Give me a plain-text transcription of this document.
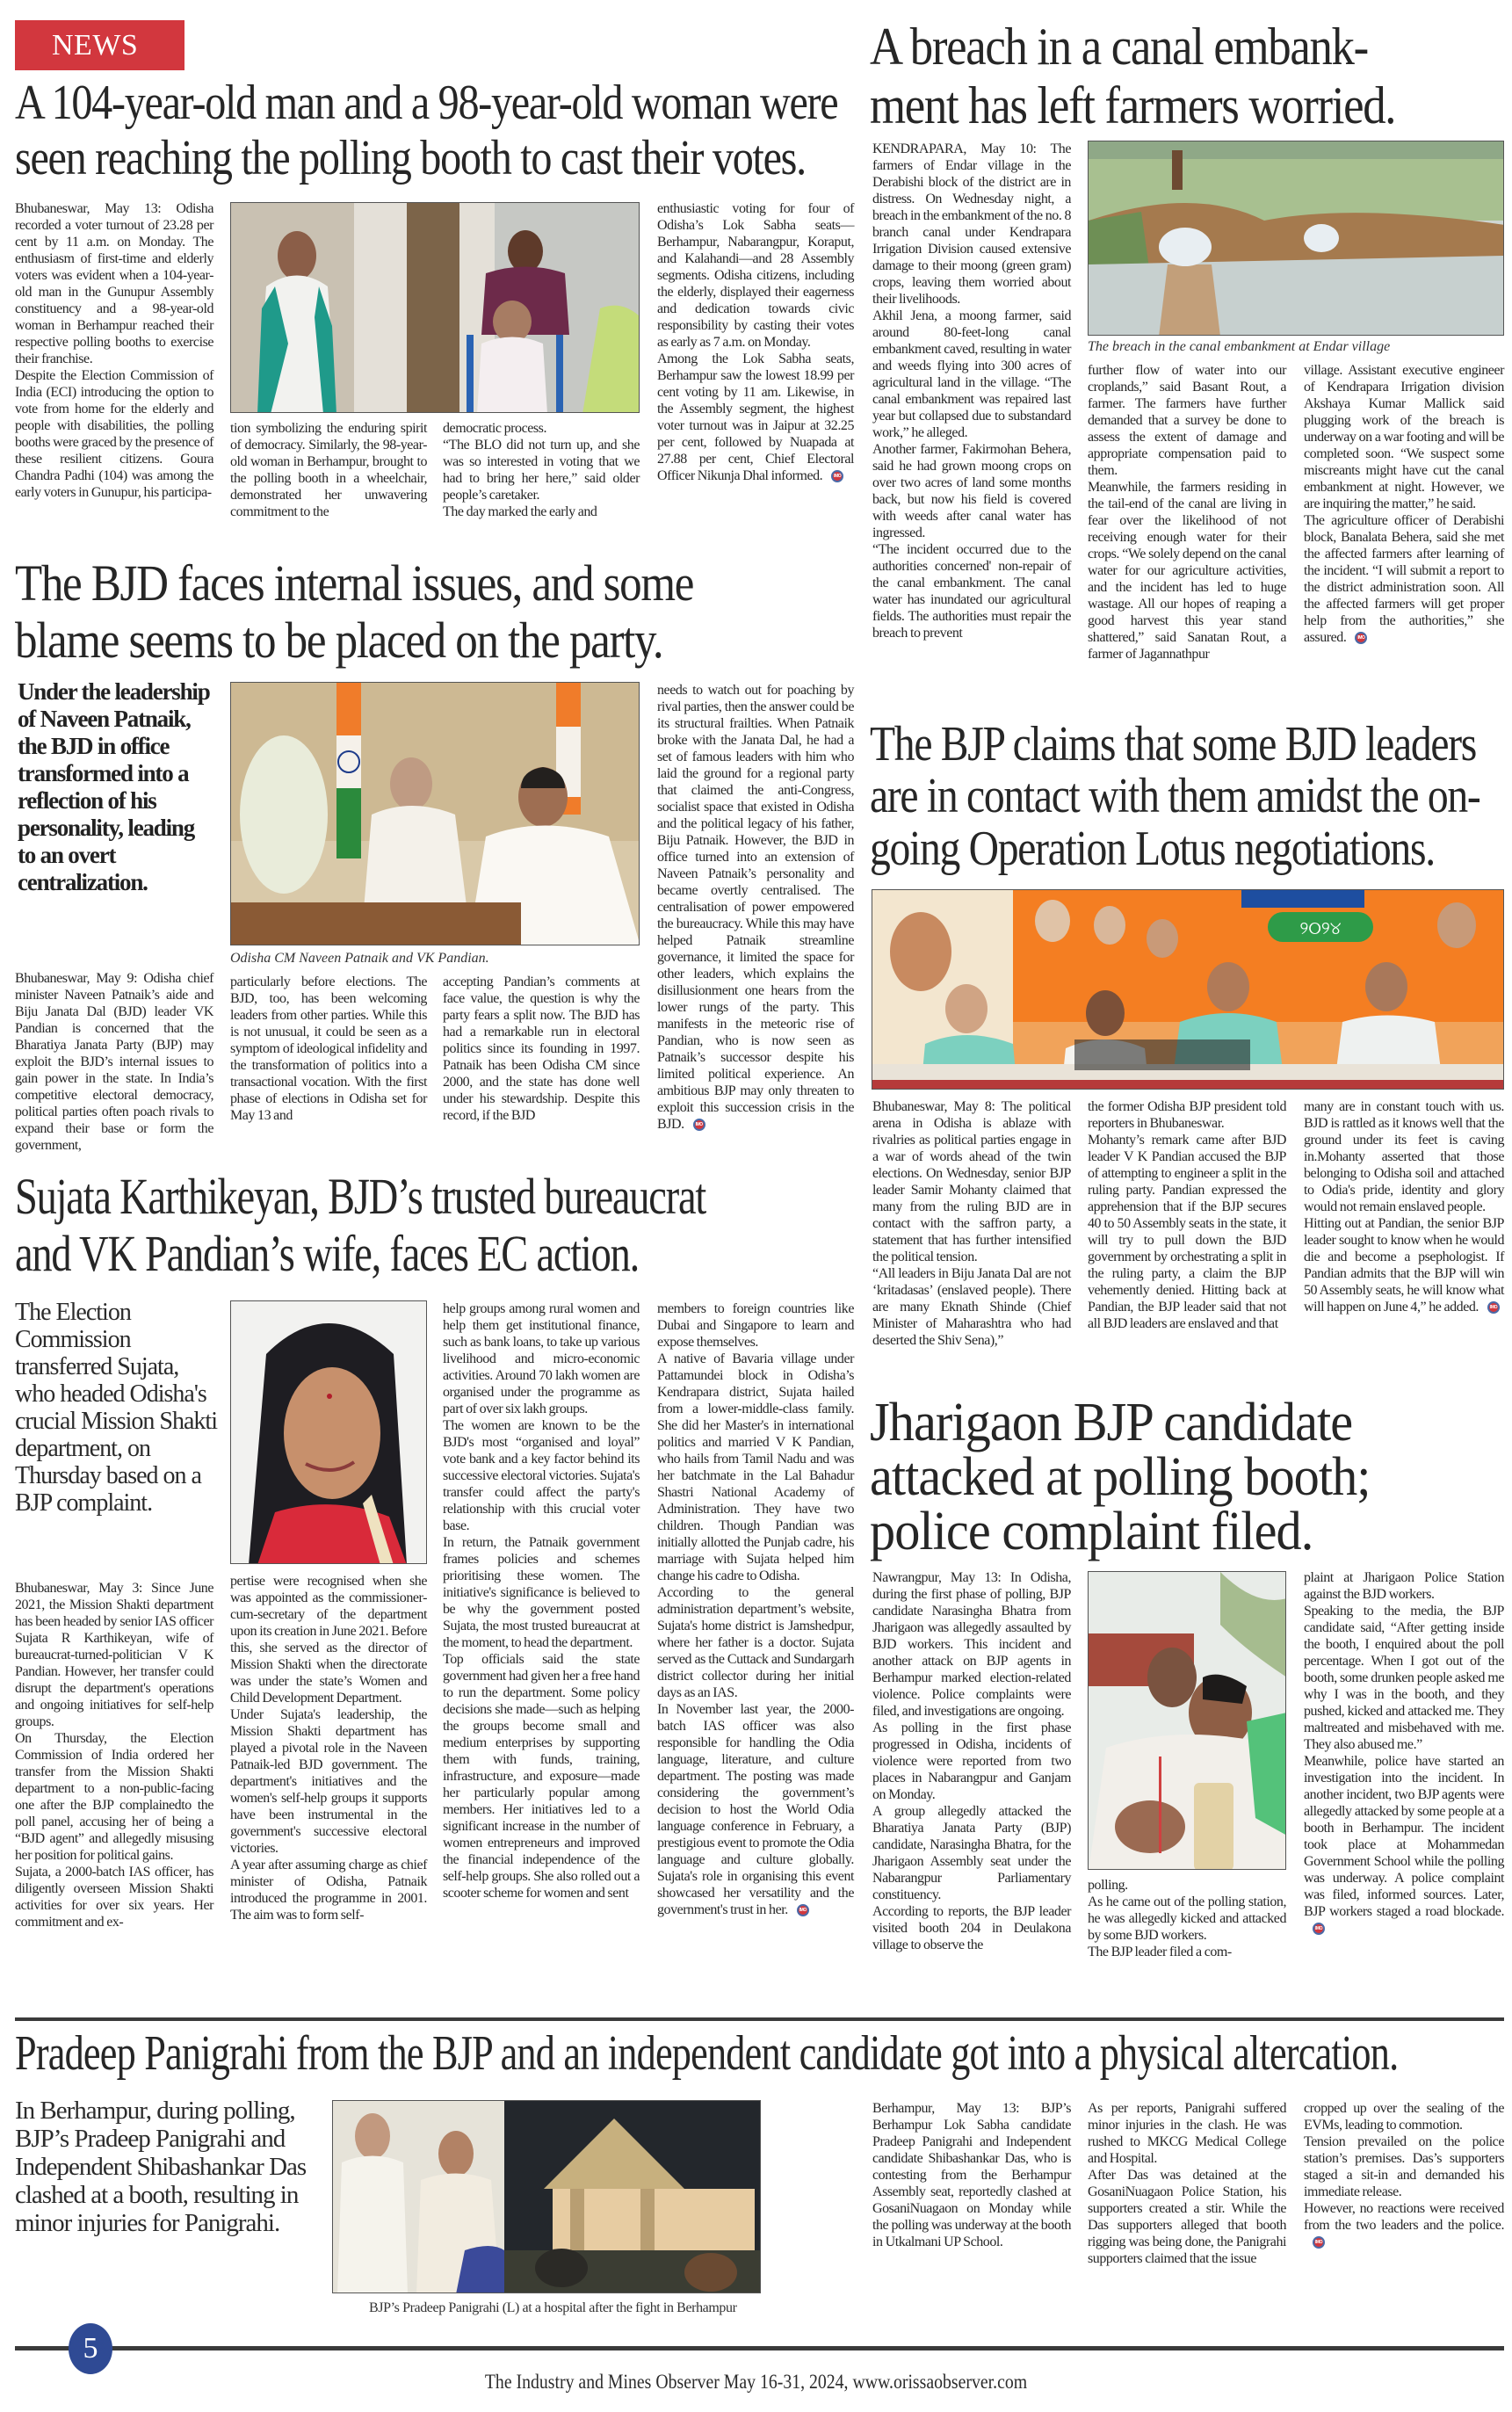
NEWS
A 104-year-old man and a 98-year-old woman were
seen reaching the polling booth to cast their votes.

Bhubaneswar, May 13: Odisha recorded a voter turnout of 23.28 per cent by 11 a.m. on Monday. The enthusiasm of first-time and elderly voters was evident when a 104-year-old man in the Gunupur Assembly constituency and a 98-year-old woman in Berhampur reached their respective polling booths to exercise their franchise.

Despite the Election Commission of India (ECI) introducing the option to vote from home for the elderly and people with disabilities, the polling booths were graced by the presence of these resilient citizens. Goura Chandra Padhi (104) was among the early voters in Gunupur, his participa-

tion symbolizing the enduring spirit of democracy. Similarly, the 98-year-old woman in Berhampur, brought to the polling booth in a wheelchair, demonstrated her unwavering commitment to the

democratic process.

“The BLO did not turn up, and she was so interested in voting that we had to bring her here,” said older people’s caretaker.

The day marked the early and

enthusiastic voting for four of Odisha’s Lok Sabha seats—Berhampur, Nabarangpur, Koraput, and Kalahandi—and 28 Assembly segments. Odisha citizens, including the elderly, displayed their eagerness and dedication towards civic responsibility by casting their votes as early as 7 a.m. on Monday.

Among the Lok Sabha seats, Berhampur saw the lowest 18.99 per cent voting by 11 am. Likewise, in the Assembly segment, the highest voter turnout was in Jaipur at 32.25 per cent, followed by Nuapada at 27.88 per cent, Chief Electoral Officer Nikunja Dhal informed.	IMO

A breach in a canal embank-
ment has left farmers worried.

KENDRAPARA, May 10: The farmers of Endar village in the Derabishi block of the district are in distress. On Wednesday night, a breach in the embankment of the no. 8 branch canal under Kendrapara Irrigation Division caused extensive damage to their moong (green gram) crops, leaving them worried about their livelihoods.

Akhil Jena, a moong farmer, said around 80-feet-long canal embankment caved, resulting in water and weeds flying into 300 acres of agricultural land in the village. “The canal embankment was repaired last year but collapsed due to substandard work,” he alleged.

Another farmer, Fakirmohan Behera, said he had grown moong crops on over two acres of land some months back, but now his field is covered with weeds after canal water has ingressed.

“The incident occurred due to the authorities concerned' non-repair of the canal embankment. The canal water has inundated our agricultural fields. The authorities must repair the breach to prevent

The breach in the canal embankment at Endar village

further flow of water into our croplands,” said Basant Rout, a farmer. The farmers have further demanded that a survey be done to assess the extent of damage and appropriate compensation paid to them.

Meanwhile, the farmers residing in the tail-end of the canal are living in fear over the likelihood of not receiving enough water for their crops. “We solely depend on the canal water for our agriculture activities, and the incident has led to huge wastage. All our hopes of reaping a good harvest this year stand shattered,” said Sanatan Rout, a farmer of Jagannathpur

village. Assistant executive engineer of Kendrapara Irrigation division Akshaya Kumar Mallick said plugging work of the breach is underway on a war footing and will be completed soon. “We suspect some miscreants might have cut the canal embankment at night. However, we are inquiring the matter,” he said.

The agriculture officer of Derabishi block, Banalata Behera, said she met the affected farmers after learning of the incident. “I will submit a report to the district administration soon. All the affected farmers will get proper help from the authorities,” she assured.	IMO

The BJD faces internal issues, and some
blame seems to be placed on the party.
Under the leadership of Naveen Patnaik, the BJD in office transformed into a reflection of his personality, leading to an overt centralization.
Odisha CM Naveen Patnaik and VK Pandian.

Bhubaneswar, May 9: Odisha chief minister Naveen Patnaik’s aide and Biju Janata Dal (BJD) leader VK Pandian is concerned that the Bharatiya Janata Party (BJP) may exploit the BJD’s internal issues to gain power in the state. In India’s competitive electoral democracy, political parties often poach rivals to expand their base or form the government,

particularly before elections. The BJD, too, has been welcoming leaders from other parties. While this is not unusual, it could be seen as a symptom of ideological infidelity and the transformation of politics into a transactional vocation. With the first phase of elections in Odisha set for May 13 and

accepting Pandian’s comments at face value, the question is why the party fears a split now. The BJD has had a remarkable run in electoral politics since its founding in 1997. Patnaik has been Odisha CM since 2000, and the state has done well under his stewardship. Despite this record, if the BJD

needs to watch out for poaching by rival parties, then the answer could be its structural frailties. When Patnaik broke with the Janata Dal, he had a set of famous leaders with him who laid the ground for a regional party that claimed the anti-Congress, socialist space that existed in Odisha and the political legacy of his father, Biju Patnaik. However, the BJD in office turned into an extension of Naveen Patnaik’s personality and became overtly centralised. The centralisation of power empowered the bureaucracy. While this may have helped Patnaik streamline governance, it limited the space for other leaders, which explains the disillusionment one hears from the lower rungs of the party. This manifests in the meteoric rise of Pandian, who is now seen as Patnaik’s successor despite his limited political experience. An ambitious BJP may only threaten to exploit this succession crisis in the BJD.	IMO

The BJP claims that some BJD leaders
are in contact with them amidst the on-
going Operation Lotus negotiations.
୨୦୨୪

Bhubaneswar, May 8: The political arena in Odisha is ablaze with rivalries as political parties engage in a war of words ahead of the twin elections. On Wednesday, senior BJP leader Samir Mohanty claimed that many from the ruling BJD are in contact with the saffron party, a statement that has further intensified the political tension.

“All leaders in Biju Janata Dal are not ‘kritadasas’ (enslaved people). There are many Eknath Shinde (Chief Minister of Maharashtra who had deserted the Shiv Sena),”

the former Odisha BJP president told reporters in Bhubaneswar.

Mohanty’s remark came after BJD leader V K Pandian accused the BJP of attempting to engineer a split in the ruling party. Pandian expressed the apprehension that if the BJP secures 40 to 50 Assembly seats in the state, it will try to pull down the BJD government by orchestrating a split in the ruling party, a claim the BJP vehemently denied. Hitting back at Pandian, the BJP leader said that not all BJD leaders are enslaved and that

many are in constant touch with us. BJD is rattled as it knows well that the ground under its feet is caving in.Mohanty asserted that those belonging to Odisha soil and attached to Odia's pride, identity and glory would not remain enslaved people.

Hitting out at Pandian, the senior BJP leader sought to know when he would die and become a psephologist. If Pandian admits that the BJP will win 50 Assembly seats, he will know what will happen on June 4,” he added.	IMO

Sujata Karthikeyan, BJD’s trusted bureaucrat
and VK Pandian’s wife, faces EC action.
The Election Commission transferred Sujata, who headed Odisha's crucial Mission Shakti department, on Thursday based on a BJP complaint.

Bhubaneswar, May 3: Since June 2021, the Mission Shakti department has been headed by senior IAS officer Sujata R Karthikeyan, wife of bureaucrat-turned-politician V K Pandian. However, her transfer could disrupt the department's operations and ongoing initiatives for self-help groups.

On Thursday, the Election Commission of India ordered her transfer from the Mission Shakti department to a non-public-facing one after the BJP complainedto the poll panel, accusing her of being a “BJD agent” and allegedly misusing her position for political gains.

Sujata, a 2000-batch IAS officer, has diligently overseen Mission Shakti activities for over six years. Her commitment and ex-

pertise were recognised when she was appointed as the commissioner-cum-secretary of the department upon its creation in June 2021. Before this, she served as the director of Mission Shakti when the directorate was under the state’s Women and Child Development Department.

Under Sujata's leadership, the Mission Shakti department has played a pivotal role in the Naveen Patnaik-led BJD government. The department's initiatives and the women's self-help groups it supports have been instrumental in the government's successive electoral victories.

A year after assuming charge as chief minister of Odisha, Patnaik introduced the programme in 2001. The aim was to form self-

help groups among rural women and help them get institutional finance, such as bank loans, to take up various livelihood and micro-economic activities. Around 70 lakh women are organised under the programme as part of over six lakh groups.

The women are known to be the BJD's most “organised and loyal” vote bank and a key factor behind its successive electoral victories. Sujata's transfer could affect the party's relationship with this crucial voter base.

In return, the Patnaik government frames policies and schemes prioritising these women. The initiative's significance is believed to be why the government posted Sujata, the most trusted bureaucrat at the moment, to head the department.

Top officials said the state government had given her a free hand to run the department. Some policy decisions she made—such as helping the groups become small and medium enterprises by supporting them with funds, training, infrastructure, and exposure—made her particularly popular among members. Her initiatives led to a significant increase in the number of women entrepreneurs and improved the financial independence of the self-help groups. She also rolled out a scooter scheme for women and sent

members to foreign countries like Dubai and Singapore to learn and expose themselves.

A native of Bavaria village under Pattamundei block in Odisha’s Kendrapara district, Sujata hailed from a lower-middle-class family. She did her Master's in international politics and married V K Pandian, who hails from Tamil Nadu and was her batchmate in the Lal Bahadur Shastri National Academy of Administration. They have two children. Though Pandian was initially allotted the Punjab cadre, his marriage with Sujata helped him change his cadre to Odisha.

According to the general administration department’s website, Sujata's home district is Jamshedpur, where her father is a doctor. Sujata served as the Cuttack and Sundargarh district collector during her initial days as an IAS.

In November last year, the 2000-batch IAS officer was also responsible for handling the Odia language, literature, and culture department. The posting was made considering the government’s decision to host the World Odia language conference in February, a prestigious event to promote the Odia language and culture globally. Sujata's role in organising this event showcased her versatility and the government's trust in her.	IMO

Jharigaon BJP candidate
attacked at polling booth;
police complaint filed.

Nawrangpur, May 13: In Odisha, during the first phase of polling, BJP candidate Narasingha Bhatra from Jharigaon was allegedly assaulted by BJD workers. This incident and another attack on BJP agents in Berhampur marked election-related violence. Police complaints were filed, and investigations are ongoing.

As polling in the first phase progressed in Odisha, incidents of violence were reported from two places in Nabarangpur and Ganjam on Monday.

A group allegedly attacked the Bharatiya Janata Party (BJP) candidate, Narasingha Bhatra, for the Jharigaon Assembly seat under the Nabarangpur Parliamentary constituency.

According to reports, the BJP leader visited booth 204 in Deulakona village to observe the

polling.

As he came out of the polling station, he was allegedly kicked and attacked by some BJD workers.

The BJP leader filed a com-

plaint at Jharigaon Police Station against the BJD workers.

Speaking to the media, the BJP candidate said, “After getting inside the booth, I enquired about the poll percentage. When I got out of the booth, some drunken people asked me why I was in the booth, and they pushed, kicked and attacked me. They maltreated and misbehaved with me. They also abused me.”

Meanwhile, police have started an investigation into the incident. In another incident, two BJP agents were allegedly attacked by some people at a booth in Berhampur. The incident took place at Mohammedan Government School while the polling was underway. A police complaint was filed, informed sources. Later, BJP workers staged a road blockade.IMO

Pradeep Panigrahi from the BJP and an independent candidate got into a physical altercation.
In Berhampur, during polling, BJP’s Pradeep Panigrahi and Independent Shibashankar Das clashed at a booth, resulting in minor injuries for Panigrahi.
BJP’s Pradeep Panigrahi (L) at a hospital after the fight in Berhampur

Berhampur, May 13: BJP’s Berhampur Lok Sabha candidate Pradeep Panigrahi and Independent candidate Shibashankar Das, who is contesting from the Berhampur Assembly seat, reportedly clashed at GosaniNuagaon on Monday while the polling was underway at the booth in Utkalmani UP School.

As per reports, Panigrahi suffered minor injuries in the clash. He was rushed to MKCG Medical College and Hospital.

After Das was detained at the GosaniNuagaon Police Station, his supporters created a stir. While the Das supporters alleged that booth rigging was being done, the Panigrahi supporters claimed that the issue

cropped up over the sealing of the EVMs, leading to commotion.

Tension prevailed on the police station’s premises. Das’s supporters staged a sit-in and demanded his immediate release.

However, no reactions were received from the two leaders and the police.IMO

5
The Industry and Mines Observer May 16-31, 2024, www.orissaobserver.com
